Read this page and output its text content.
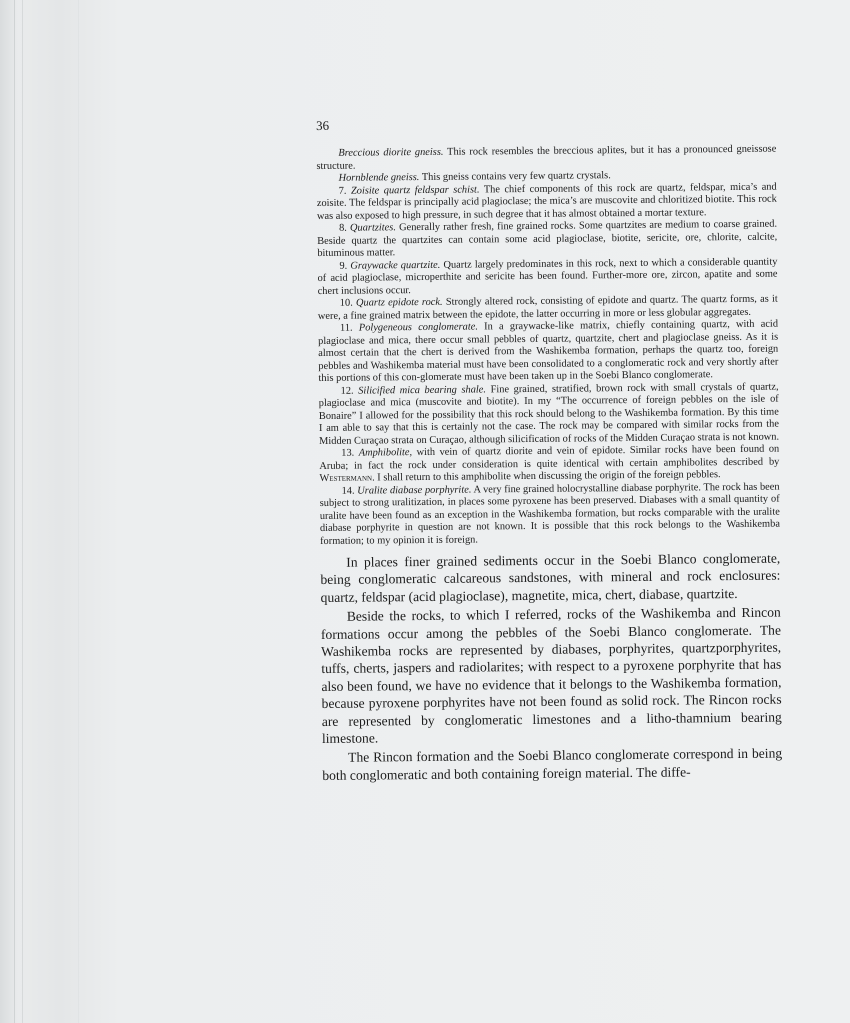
36

Breccious diorite gneiss. This rock resembles the breccious aplites, but it has a pronounced gneissose structure.

Hornblende gneiss. This gneiss contains very few quartz crystals.

7. Zoisite quartz feldspar schist. The chief components of this rock are quartz, feldspar, mica’s and zoisite. The feldspar is principally acid plagioclase; the mica’s are muscovite and chloritized biotite. This rock was also exposed to high pressure, in such degree that it has almost obtained a mortar texture.

8. Quartzites. Generally rather fresh, fine grained rocks. Some quartzites are medium to coarse grained. Beside quartz the quartzites can contain some acid plagioclase, biotite, sericite, ore, chlorite, calcite, bituminous matter.

9. Graywacke quartzite. Quartz largely predominates in this rock, next to which a considerable quantity of acid plagioclase, microperthite and sericite has been found. Further-more ore, zircon, apatite and some chert inclusions occur.

10. Quartz epidote rock. Strongly altered rock, consisting of epidote and quartz. The quartz forms, as it were, a fine grained matrix between the epidote, the latter occurring in more or less globular aggregates.

11. Polygeneous conglomerate. In a graywacke-like matrix, chiefly containing quartz, with acid plagioclase and mica, there occur small pebbles of quartz, quartzite, chert and plagioclase gneiss. As it is almost certain that the chert is derived from the Washikemba formation, perhaps the quartz too, foreign pebbles and Washikemba material must have been consolidated to a conglomeratic rock and very shortly after this portions of this con-glomerate must have been taken up in the Soebi Blanco conglomerate.

12. Silicified mica bearing shale. Fine grained, stratified, brown rock with small crystals of quartz, plagioclase and mica (muscovite and biotite). In my “The occurrence of foreign pebbles on the isle of Bonaire” I allowed for the possibility that this rock should belong to the Washikemba formation. By this time I am able to say that this is certainly not the case. The rock may be compared with similar rocks from the Midden Curaçao strata on Curaçao, although silicification of rocks of the Midden Curaçao strata is not known.

13. Amphibolite, with vein of quartz diorite and vein of epidote. Similar rocks have been found on Aruba; in fact the rock under consideration is quite identical with certain amphibolites described by Westermann. I shall return to this amphibolite when discussing the origin of the foreign pebbles.

14. Uralite diabase porphyrite. A very fine grained holocrystalline diabase porphyrite. The rock has been subject to strong uralitization, in places some pyroxene has been preserved. Diabases with a small quantity of uralite have been found as an exception in the Washikemba formation, but rocks comparable with the uralite diabase porphyrite in question are not known. It is possible that this rock belongs to the Washikemba formation; to my opinion it is foreign.

In places finer grained sediments occur in the Soebi Blanco conglomerate, being conglomeratic calcareous sandstones, with mineral and rock enclosures: quartz, feldspar (acid plagioclase), magnetite, mica, chert, diabase, quartzite.

Beside the rocks, to which I referred, rocks of the Washikemba and Rincon formations occur among the pebbles of the Soebi Blanco conglomerate. The Washikemba rocks are represented by diabases, porphyrites, quartzporphyrites, tuffs, cherts, jaspers and radiolarites; with respect to a pyroxene porphyrite that has also been found, we have no evidence that it belongs to the Washikemba formation, because pyroxene porphyrites have not been found as solid rock. The Rincon rocks are represented by conglomeratic limestones and a litho-thamnium bearing limestone.

The Rincon formation and the Soebi Blanco conglomerate correspond in being both conglomeratic and both containing foreign material. The diffe-
